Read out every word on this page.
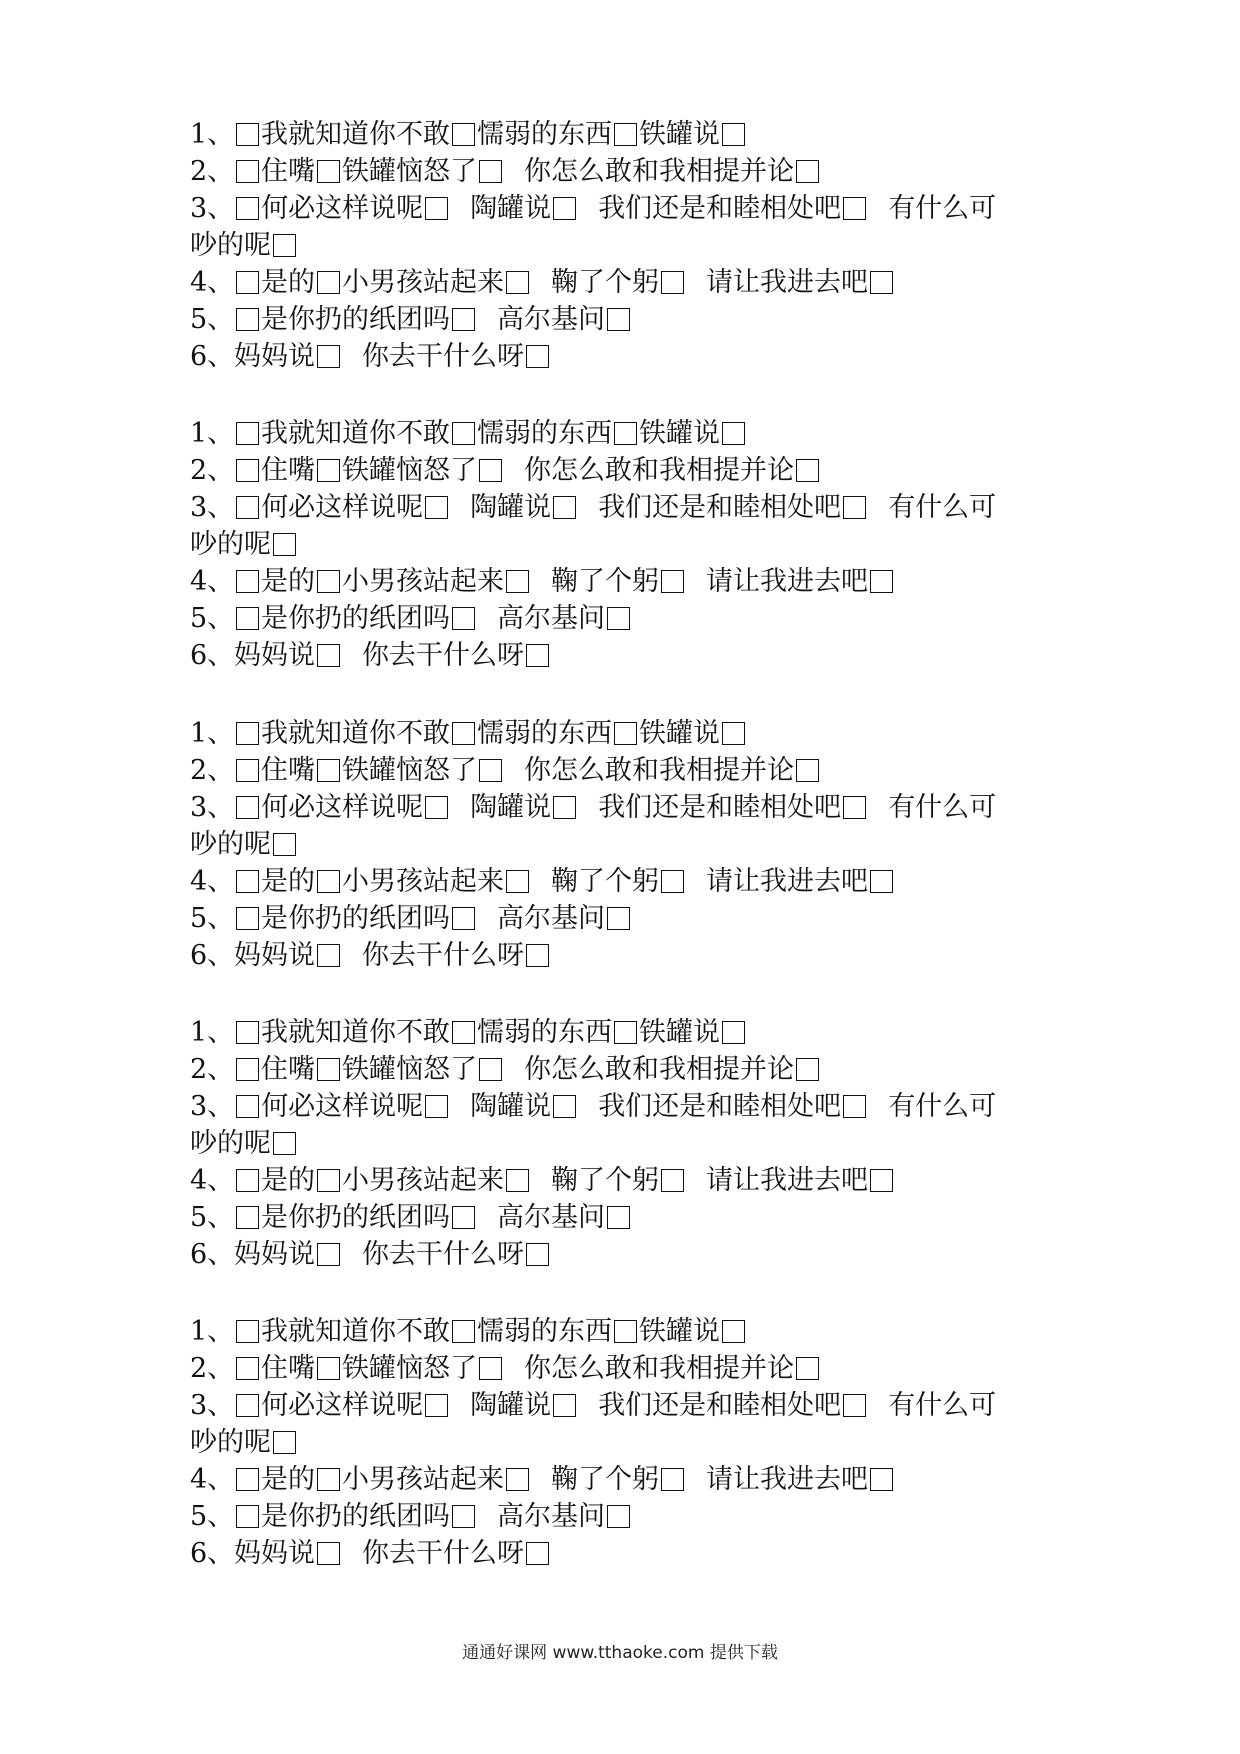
1、 我就知道你不敢 懦弱的东西 铁罐说
2、 住嘴 铁罐恼怒了 你怎么敢和我相提并论
3、 何必这样说呢 陶罐说 我们还是和睦相处吧 有什么可
吵的呢
4、 是的 小男孩站起来 鞠了个躬 请让我进去吧
5、 是你扔的纸团吗 高尔基问
6、 妈妈说 你去干什么呀
1、 我就知道你不敢 懦弱的东西 铁罐说
2、 住嘴 铁罐恼怒了 你怎么敢和我相提并论
3、 何必这样说呢 陶罐说 我们还是和睦相处吧 有什么可
吵的呢
4、 是的 小男孩站起来 鞠了个躬 请让我进去吧
5、 是你扔的纸团吗 高尔基问
6、 妈妈说 你去干什么呀
1、 我就知道你不敢 懦弱的东西 铁罐说
2、 住嘴 铁罐恼怒了 你怎么敢和我相提并论
3、 何必这样说呢 陶罐说 我们还是和睦相处吧 有什么可
吵的呢
4、 是的 小男孩站起来 鞠了个躬 请让我进去吧
5、 是你扔的纸团吗 高尔基问
6、 妈妈说 你去干什么呀
1、 我就知道你不敢 懦弱的东西 铁罐说
2、 住嘴 铁罐恼怒了 你怎么敢和我相提并论
3、 何必这样说呢 陶罐说 我们还是和睦相处吧 有什么可
吵的呢
4、 是的 小男孩站起来 鞠了个躬 请让我进去吧
5、 是你扔的纸团吗 高尔基问
6、 妈妈说 你去干什么呀
1、 我就知道你不敢 懦弱的东西 铁罐说
2、 住嘴 铁罐恼怒了 你怎么敢和我相提并论
3、 何必这样说呢 陶罐说 我们还是和睦相处吧 有什么可
吵的呢
4、 是的 小男孩站起来 鞠了个躬 请让我进去吧
5、 是你扔的纸团吗 高尔基问
6、 妈妈说 你去干什么呀
通通好课网 www.tthaoke.com 提供下载
